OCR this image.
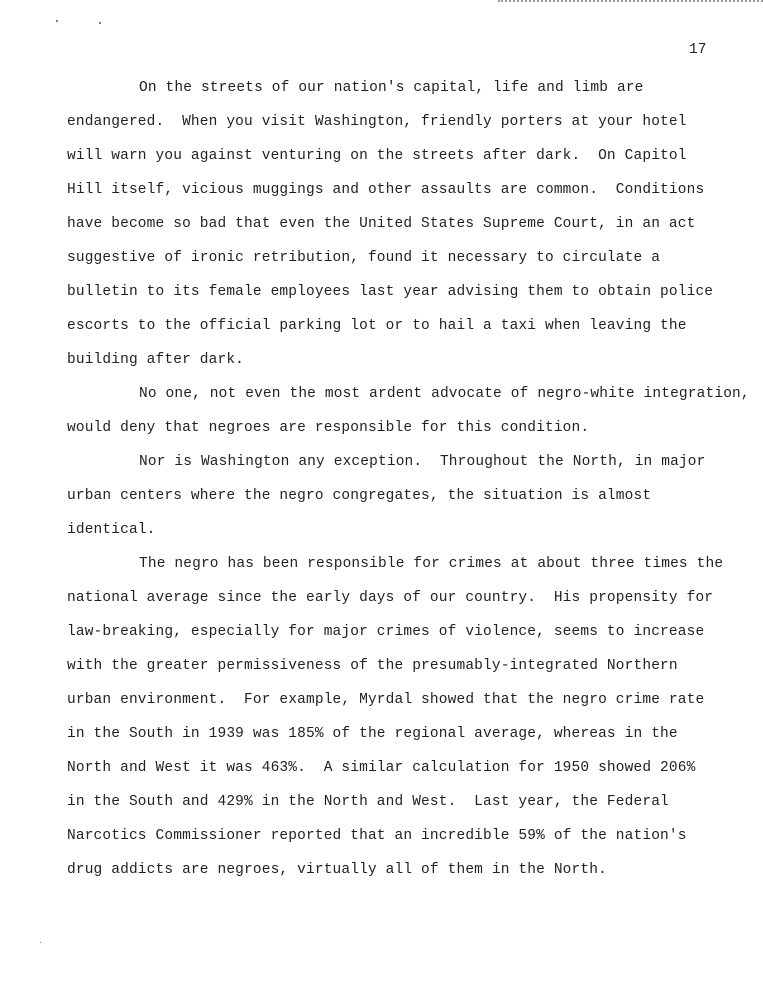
17
On the streets of our nation's capital, life and limb are
endangered.  When you visit Washington, friendly porters at your hotel
will warn you against venturing on the streets after dark.  On Capitol
Hill itself, vicious muggings and other assaults are common.  Conditions
have become so bad that even the United States Supreme Court, in an act
suggestive of ironic retribution, found it necessary to circulate a
bulletin to its female employees last year advising them to obtain police
escorts to the official parking lot or to hail a taxi when leaving the
building after dark.
No one, not even the most ardent advocate of negro-white integration,
would deny that negroes are responsible for this condition.
Nor is Washington any exception.  Throughout the North, in major
urban centers where the negro congregates, the situation is almost
identical.
The negro has been responsible for crimes at about three times the
national average since the early days of our country.  His propensity for
law-breaking, especially for major crimes of violence, seems to increase
with the greater permissiveness of the presumably-integrated Northern
urban environment.  For example, Myrdal showed that the negro crime rate
in the South in 1939 was 185% of the regional average, whereas in the
North and West it was 463%.  A similar calculation for 1950 showed 206%
in the South and 429% in the North and West.  Last year, the Federal
Narcotics Commissioner reported that an incredible 59% of the nation's
drug addicts are negroes, virtually all of them in the North.
